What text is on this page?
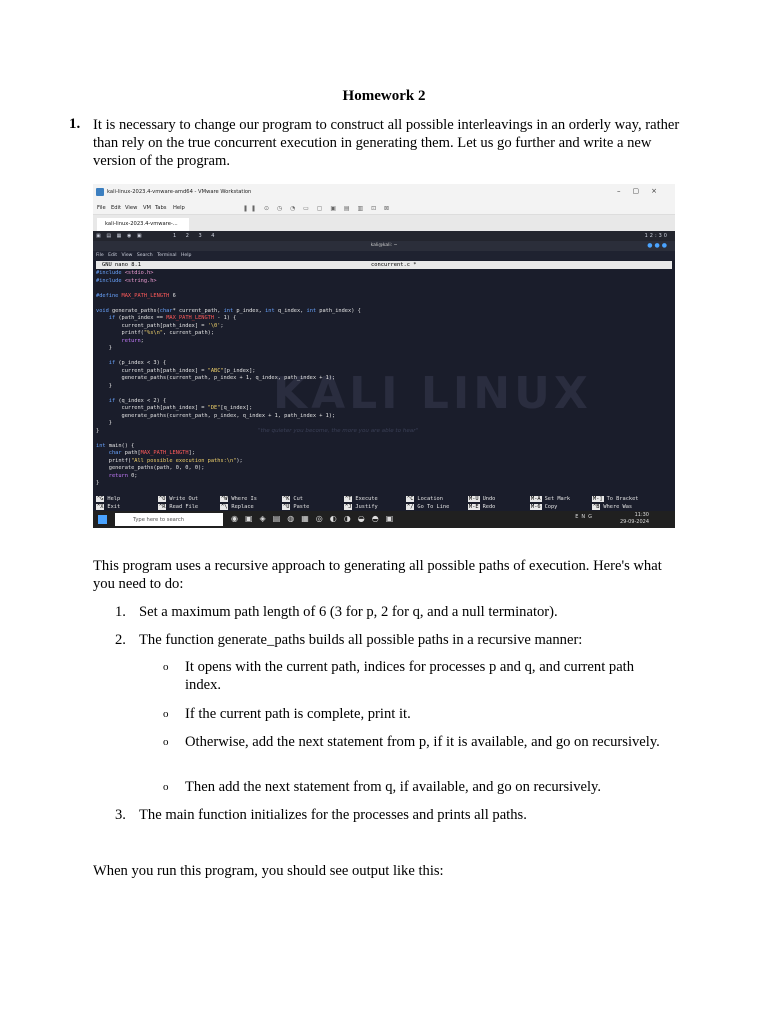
Homework 2
1. It is necessary to change our program to construct all possible interleavings in an orderly way, rather than rely on the true concurrent execution in generating them. Let us go further and write a new version of the program.
kali-linux-2023.4-vmware-amd64 - VMware Workstation	–▢×
File Edit View VM Tabs Help	❚❚ ⊙ ◷ ◔ ▭ ▢ ▣ ▤ ▥ ⊡ ⊠
kali-linux-2023.4-vmware-...
▣ ▤ ▦ ◉ ▣	1 2 3 4	12:30
kali@kali: ~	●●●
File Edit View Search Terminal Help
GNU nano 8.1	concurrent.c *
KALI LINUX
"the quieter you become, the more you are able to hear"
#include <stdio.h>
#include <string.h>

#define MAX_PATH_LENGTH 6

void generate_paths(char* current_path, int p_index, int q_index, int path_index) {
if (path_index == MAX_PATH_LENGTH - 1) {
current_path[path_index] = '\0';
printf("%s\n", current_path);
return;
}

if (p_index < 3) {
current_path[path_index] = "ABC"[p_index];
generate_paths(current_path, p_index + 1, q_index, path_index + 1);
}

if (q_index < 2) {
current_path[path_index] = "DE"[q_index];
generate_paths(current_path, p_index, q_index + 1, path_index + 1);
}
}

int main() {
char path[MAX_PATH_LENGTH];
printf("All possible execution paths:\n");
generate_paths(path, 0, 0, 0);
return 0;
}
^G Help
^X Exit
^O Write Out
^R Read File
^W Where Is
^\ Replace
^K Cut
^U Paste
^T Execute
^J Justify
^C Location
^/ Go To Line
M-U Undo
M-E Redo
M-A Set Mark
M-6 Copy
M-] To Bracket
^B Where Was
Type here to search	◉▣◈▤◍▦◎◐◑◒◓▣	ENG	11:30
29-09-2024
This program uses a recursive approach to generating all possible paths of execution. Here's what you need to do:
1. Set a maximum path length of 6 (3 for p, 2 for q, and a null terminator).
2. The function generate_paths builds all possible paths in a recursive manner:
o	It opens with the current path, indices for processes p and q, and current path index.
o	If the current path is complete, print it.
o	Otherwise, add the next statement from p, if it is available, and go on recursively.
o	Then add the next statement from q, if available, and go on recursively.
3. The main function initializes for the processes and prints all paths.
When you run this program, you should see output like this:
